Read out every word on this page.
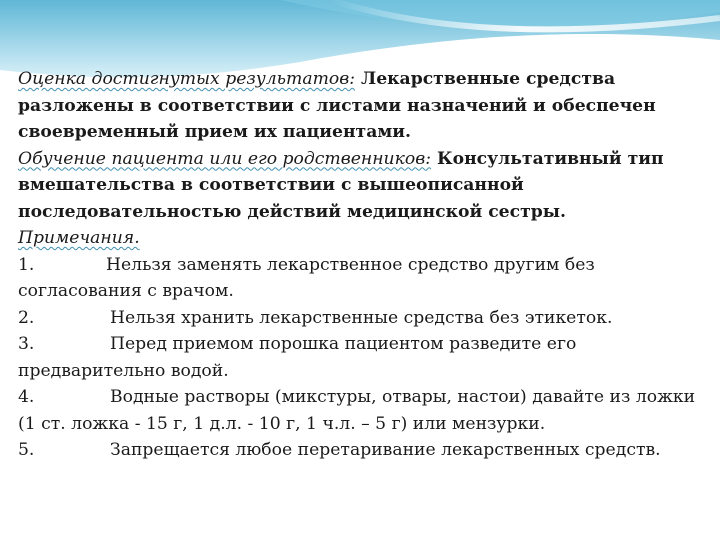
Оценка достигнутых результатов: Лекарственные средства разложены в соответствии с листами назначений и обеспечен своевременный прием их пациентами.

Обучение пациента или его родственников: Консультативный тип вмешательства в соответствии с вышеописанной последовательностью действий медицинской сестры.

Примечания.

1.	Нельзя заменять лекарственное средство другим без согласования с врачом.

2.	Нельзя хранить лекарственные средства без этикеток.

3.	Перед приемом порошка пациентом разведите его предварительно водой.

4.	Водные растворы (микстуры, отвары, настои) давайте из ложки (1 ст. ложка - 15 г, 1 д.л. - 10 г, 1 ч.л. – 5 г) или мензурки.

5.	Запрещается любое перетаривание лекарственных средств.
